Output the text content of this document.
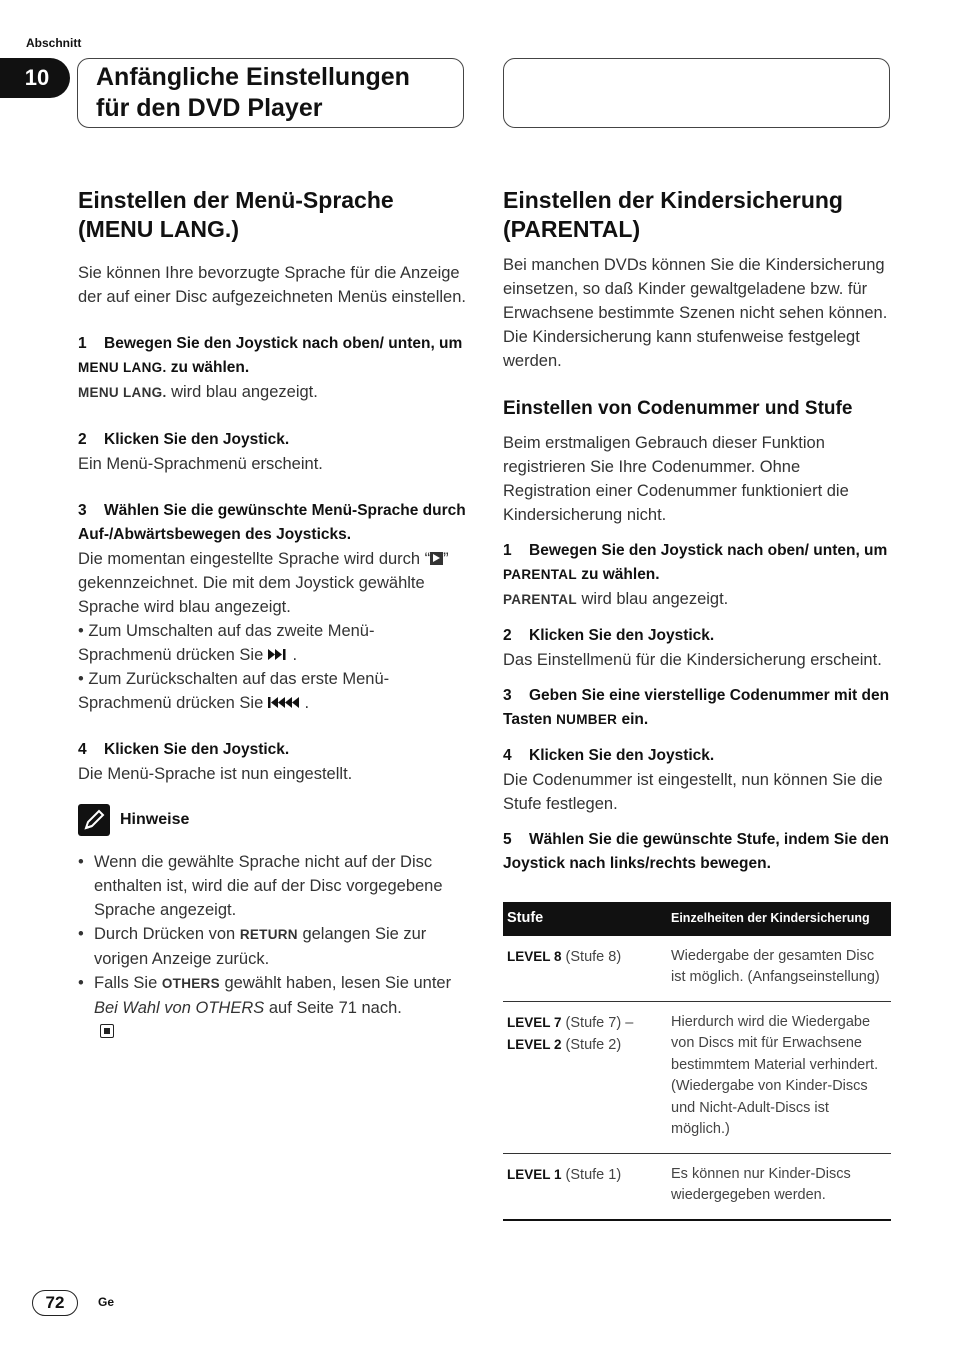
Abschnitt
10	Anfängliche Einstellungen
für den DVD Player
Einstellen der Menü-Sprache
(MENU LANG.)

Sie können Ihre bevorzugte Sprache für die Anzeige der auf einer Disc aufgezeichneten Menüs einstellen.

1 Bewegen Sie den Joystick nach oben/ unten, um MENU LANG. zu wählen.

MENU LANG. wird blau angezeigt.

2 Klicken Sie den Joystick.

Ein Menü-Sprachmenü erscheint.

3 Wählen Sie die gewünschte Menü-Sprache durch Auf-/Abwärtsbewegen des Joysticks.

Die momentan eingestellte Sprache wird durch “ ” gekennzeichnet. Die mit dem Joystick gewählte Sprache wird blau angezeigt.

• Zum Umschalten auf das zweite Menü-Sprachmenü drücken Sie  .

• Zum Zurückschalten auf das erste Menü-Sprachmenü drücken Sie  .

4 Klicken Sie den Joystick.

Die Menü-Sprache ist nun eingestellt.

Hinweise
• Wenn die gewählte Sprache nicht auf der Disc enthalten ist, wird die auf der Disc vorgegebene Sprache angezeigt.
• Durch Drücken von RETURN gelangen Sie zur vorigen Anzeige zurück.
• Falls Sie OTHERS gewählt haben, lesen Sie unter Bei Wahl von OTHERS auf Seite 71 nach.

Einstellen der Kindersicherung
(PARENTAL)

Bei manchen DVDs können Sie die Kindersicherung einsetzen, so daß Kinder gewaltgeladene bzw. für Erwachsene bestimmte Szenen nicht sehen können. Die Kindersicherung kann stufenweise festgelegt werden.

Einstellen von Codenummer und Stufe

Beim erstmaligen Gebrauch dieser Funktion registrieren Sie Ihre Codenummer. Ohne Registration einer Codenummer funktioniert die Kindersicherung nicht.

1 Bewegen Sie den Joystick nach oben/ unten, um PARENTAL zu wählen.

PARENTAL wird blau angezeigt.

2 Klicken Sie den Joystick.

Das Einstellmenü für die Kindersicherung erscheint.

3 Geben Sie eine vierstellige Codenummer mit den Tasten NUMBER ein.

4 Klicken Sie den Joystick.

Die Codenummer ist eingestellt, nun können Sie die Stufe festlegen.

5 Wählen Sie die gewünschte Stufe, indem Sie den Joystick nach links/rechts bewegen.

Stufe	Einzelheiten der Kindersicherung
LEVEL 8 (Stufe 8)	Wiedergabe der gesamten Disc ist möglich. (Anfangseinstellung)
LEVEL 7 (Stufe 7) –
LEVEL 2 (Stufe 2)	Hierdurch wird die Wiedergabe von Discs mit für Erwachsene bestimmtem Material verhindert. (Wiedergabe von Kinder-Discs und Nicht-Adult-Discs ist möglich.)
LEVEL 1 (Stufe 1)	Es können nur Kinder-Discs wiedergegeben werden.
72	Ge
